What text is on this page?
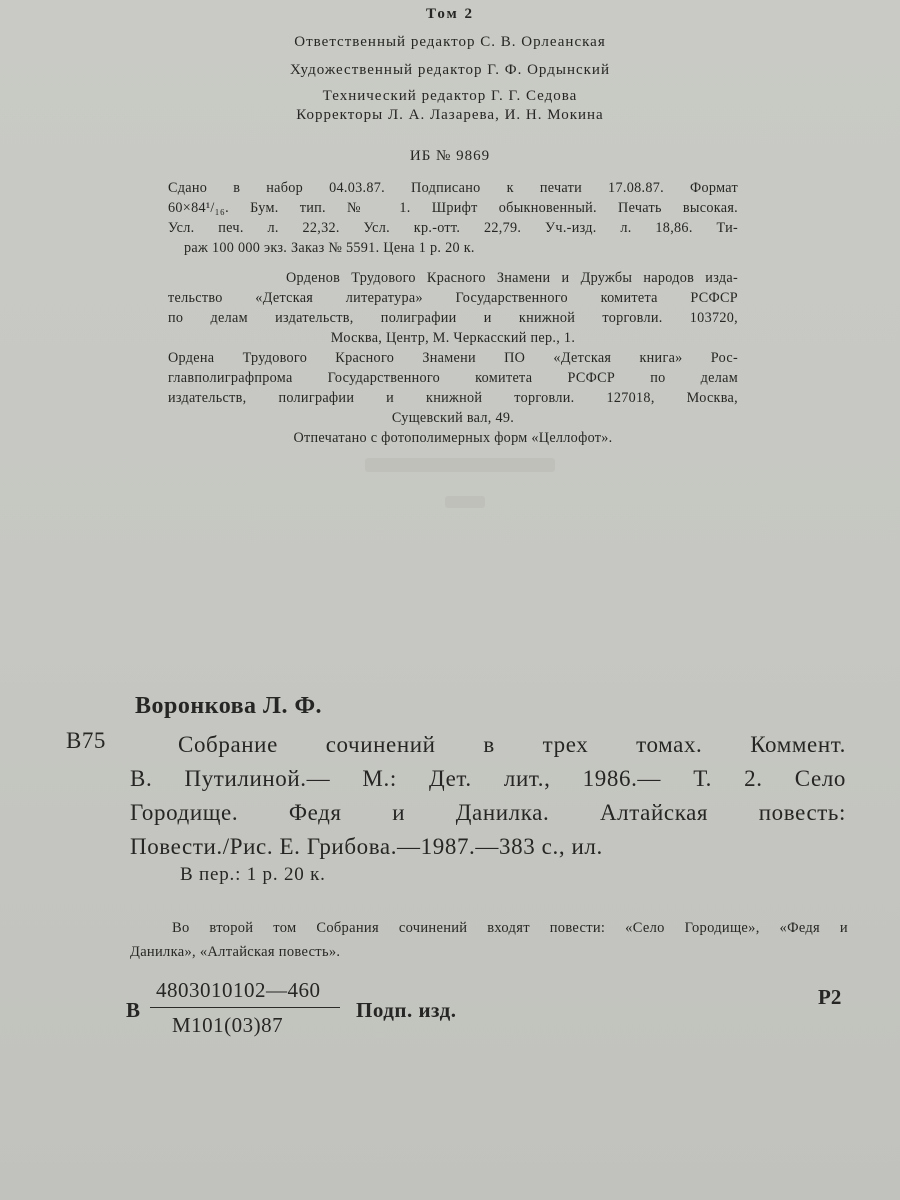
Том 2
Ответственный редактор С. В. Орлеанская
Художественный редактор Г. Ф. Ордынский
Технический редактор Г. Г. Седова
Корректоры Л. А. Лазарева, И. Н. Мокина
ИБ № 9869
Сдано в набор 04.03.87. Подписано к печати 17.08.87. Формат
60×84¹/₁₆. Бум. тип. № 1. Шрифт обыкновенный. Печать высокая.
Усл. печ. л. 22,32. Усл. кр.-отт. 22,79. Уч.-изд. л. 18,86. Ти-
раж 100 000 экз. Заказ № 5591. Цена 1 р. 20 к.
Орденов Трудового Красного Знамени и Дружбы народов изда-
тельство «Детская литература» Государственного комитета РСФСР
по делам издательств, полиграфии и книжной торговли. 103720,
Москва, Центр, М. Черкасский пер., 1.
Ордена Трудового Красного Знамени ПО «Детская книга» Рос-
главполиграфпрома Государственного комитета РСФСР по делам
издательств, полиграфии и книжной торговли. 127018, Москва,
Сущевский вал, 49.
Отпечатано с фотополимерных форм «Целлофот».
Воронкова Л. Ф.
В75	Собрание сочинений в трех томах. Коммент.
В. Путилиной.— М.: Дет. лит., 1986.— Т. 2. Село
Городище. Федя и Данилка. Алтайская повесть:
Повести./Рис. Е. Грибова.—1987.—383 с., ил.
В пер.: 1 р. 20 к.
Во второй том Собрания сочинений входят повести: «Село Городище», «Федя и
Данилка», «Алтайская повесть».
В
4803010102—460
М101(03)87
Подп. изд.
Р2
